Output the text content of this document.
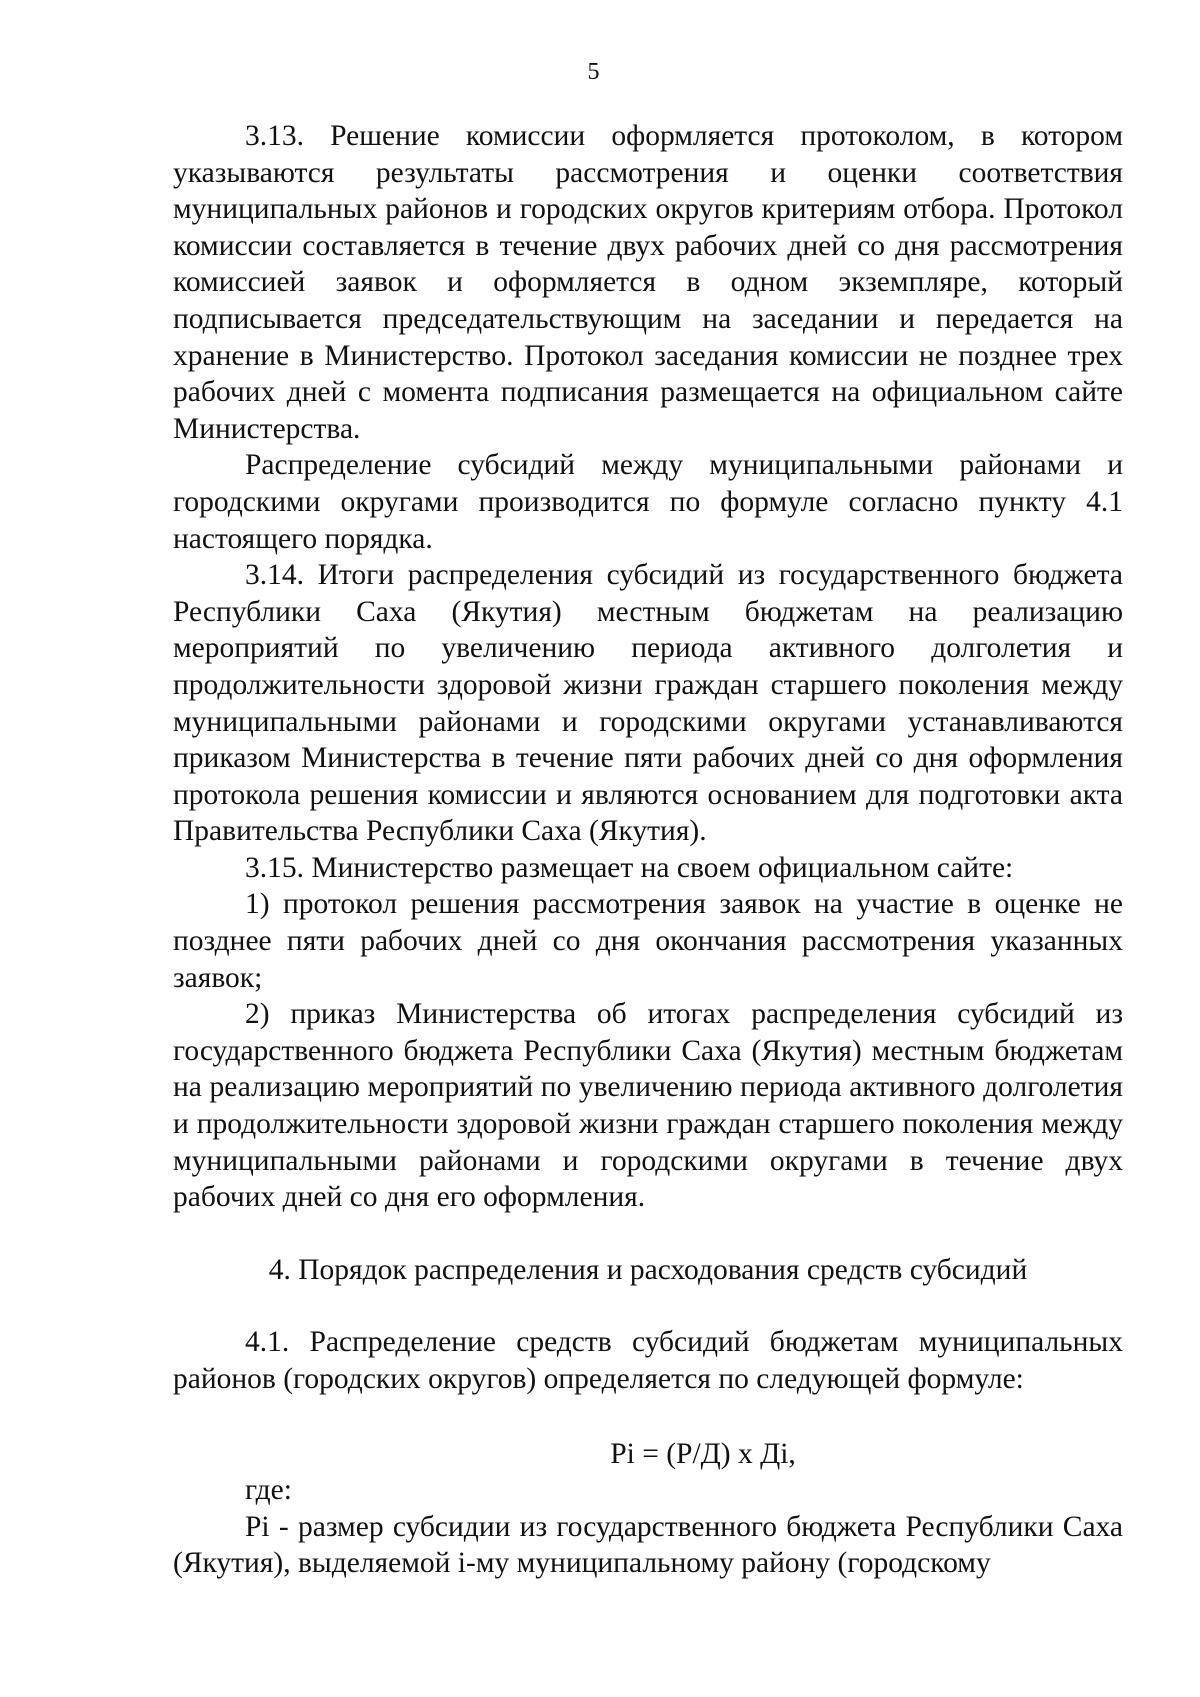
5

3.13. Решение комиссии оформляется протоколом, в котором указываются результаты рассмотрения и оценки соответствия муниципальных районов и городских округов критериям отбора. Протокол комиссии составляется в течение двух рабочих дней со дня рассмотрения комиссией заявок и оформляется в одном экземпляре, который подписывается председательствующим на заседании и передается на хранение в Министерство. Протокол заседания комиссии не позднее трех рабочих дней с момента подписания размещается на официальном сайте Министерства.

Распределение субсидий между муниципальными районами и городскими округами производится по формуле согласно пункту 4.1 настоящего порядка.

3.14. Итоги распределения субсидий из государственного бюджета Республики Саха (Якутия) местным бюджетам на реализацию мероприятий по увеличению периода активного долголетия и продолжительности здоровой жизни граждан старшего поколения между муниципальными районами и городскими округами устанавливаются приказом Министерства в течение пяти рабочих дней со дня оформления протокола решения комиссии и являются основанием для подготовки акта Правительства Республики Саха (Якутия).

3.15. Министерство размещает на своем официальном сайте:

1) протокол решения рассмотрения заявок на участие в оценке не позднее пяти рабочих дней со дня окончания рассмотрения указанных заявок;

2) приказ Министерства об итогах распределения субсидий из государственного бюджета Республики Саха (Якутия) местным бюджетам на реализацию мероприятий по увеличению периода активного долголетия и продолжительности здоровой жизни граждан старшего поколения между муниципальными районами и городскими округами в течение двух рабочих дней со дня его оформления.

4. Порядок распределения и расходования средств субсидий

4.1. Распределение средств субсидий бюджетам муниципальных районов (городских округов) определяется по следующей формуле:

Pi = (Р/Д) х Дi,

где:

Pi - размер субсидии из государственного бюджета Республики Саха (Якутия), выделяемой i-му муниципальному району (городскому
